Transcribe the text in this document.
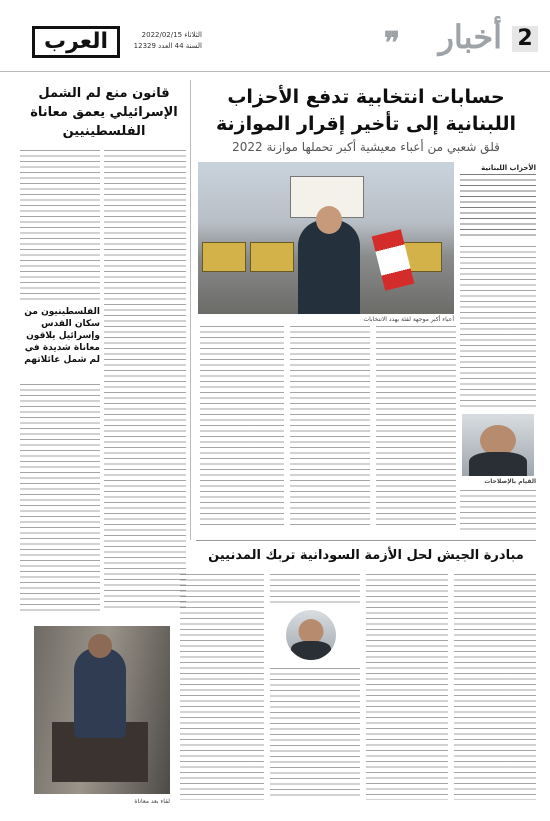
2
أخبار
❞
العرب	الثلاثاء 2022/02/15
السنة 44 العدد 12329
حسابات انتخابية تدفع الأحزاب
اللبنانية إلى تأخير إقرار الموازنة
قلق شعبي من أعباء معيشية أكبر تحملها موازنة 2022
الأحزاب اللبنانية
أعباء أكبر موجهة لفئة يهدد الانتخابات
القيام بالإصلاحات
قانون منع لم الشمل
الإسرائيلي يعمق معاناة
الفلسطينيين
الفلسطينيون من سكان القدس وإسرائيل يلاقون معاناة شديدة في لم شمل عائلاتهم
لقاء بعد معاناة
مبادرة الجيش لحل الأزمة السودانية تربك المدنيين
